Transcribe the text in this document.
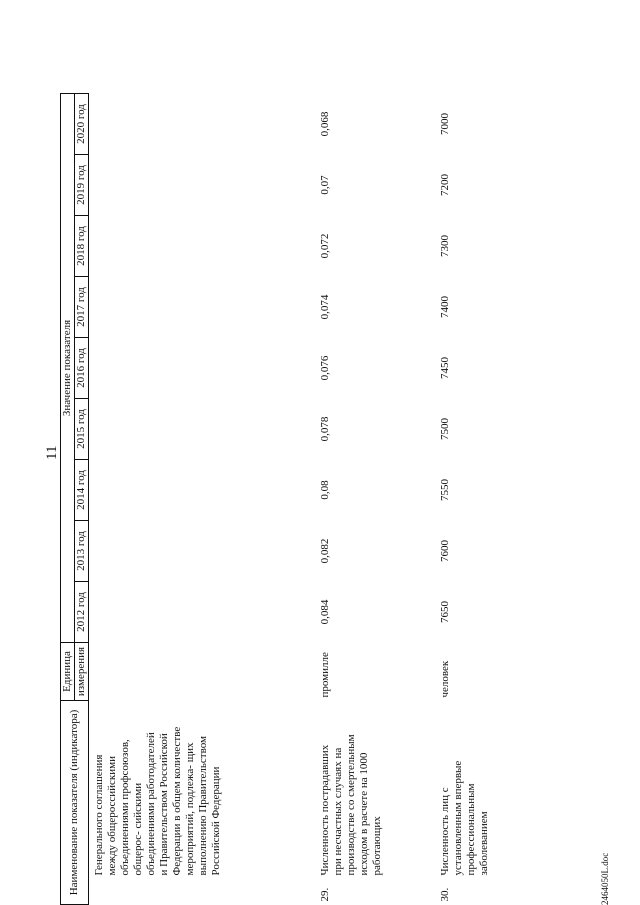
11
Наименование показателя (индикатора)	Единица	Значение показателя								
	измерения	2012 год	2013 год	2014 год	2015 год	2016 год	2017 год	2018 год	2019 год	2020 год
Генерального соглашения между общероссийскими объединениями профсоюзов, общерос- сийскими объединениями работодателей и Правительством Российской Федерации в общем количестве мероприятий, подлежа- щих выполнению Правительством Российской Федерации										
29.Численность пострадавших при несчастных случаях на производстве со смертельным исходом в расчете на 1000 работающих	промилле	0,084	0,082	0,08	0,078	0,076	0,074	0,072	0,07	0,068
30.Численность лиц с установленным впервые профессиональным заболеванием	человек	7650	7600	7550	7500	7450	7400	7300	7200	7000
2464050L.doc
